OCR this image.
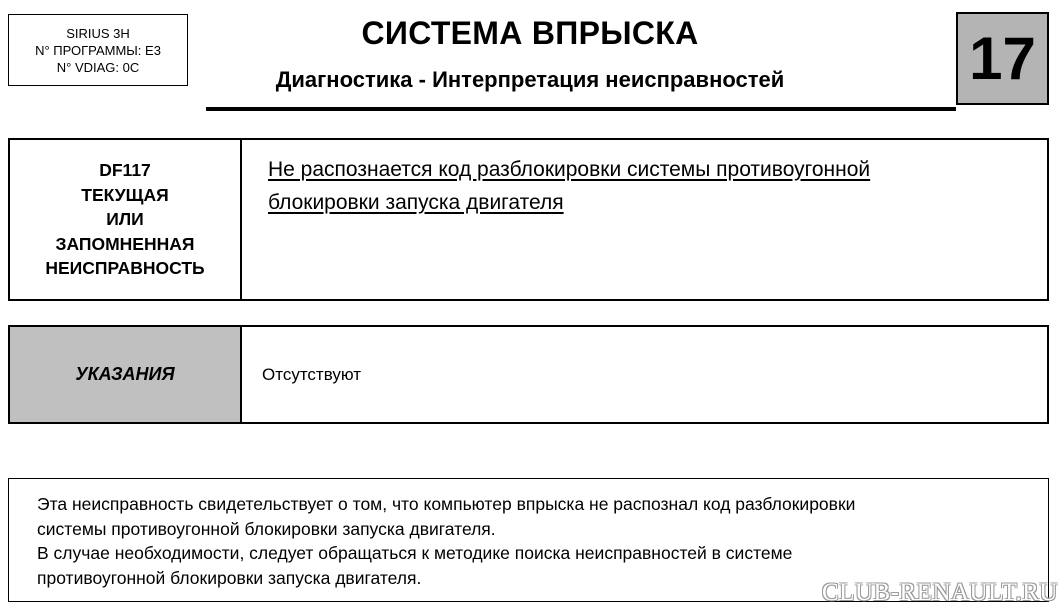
SIRIUS 3H
N° ПРОГРАММЫ: E3
N° VDIAG: 0C
СИСТЕМА ВПРЫСКА
Диагностика - Интерпретация неисправностей	17
DF117
ТЕКУЩАЯ
ИЛИ
ЗАПОМНЕННАЯ
НЕИСПРАВНОСТЬ
Не распознается код разблокировки системы противоугонной
блокировки запуска двигателя
УКАЗАНИЯ	Отсутствуют
Эта неисправность свидетельствует о том, что компьютер впрыска не распознал код разблокировки
системы противоугонной блокировки запуска двигателя.
В случае необходимости, следует обращаться к методике поиска неисправностей в системе
противоугонной блокировки запуска двигателя.
CLUB-RENAULT.RU
